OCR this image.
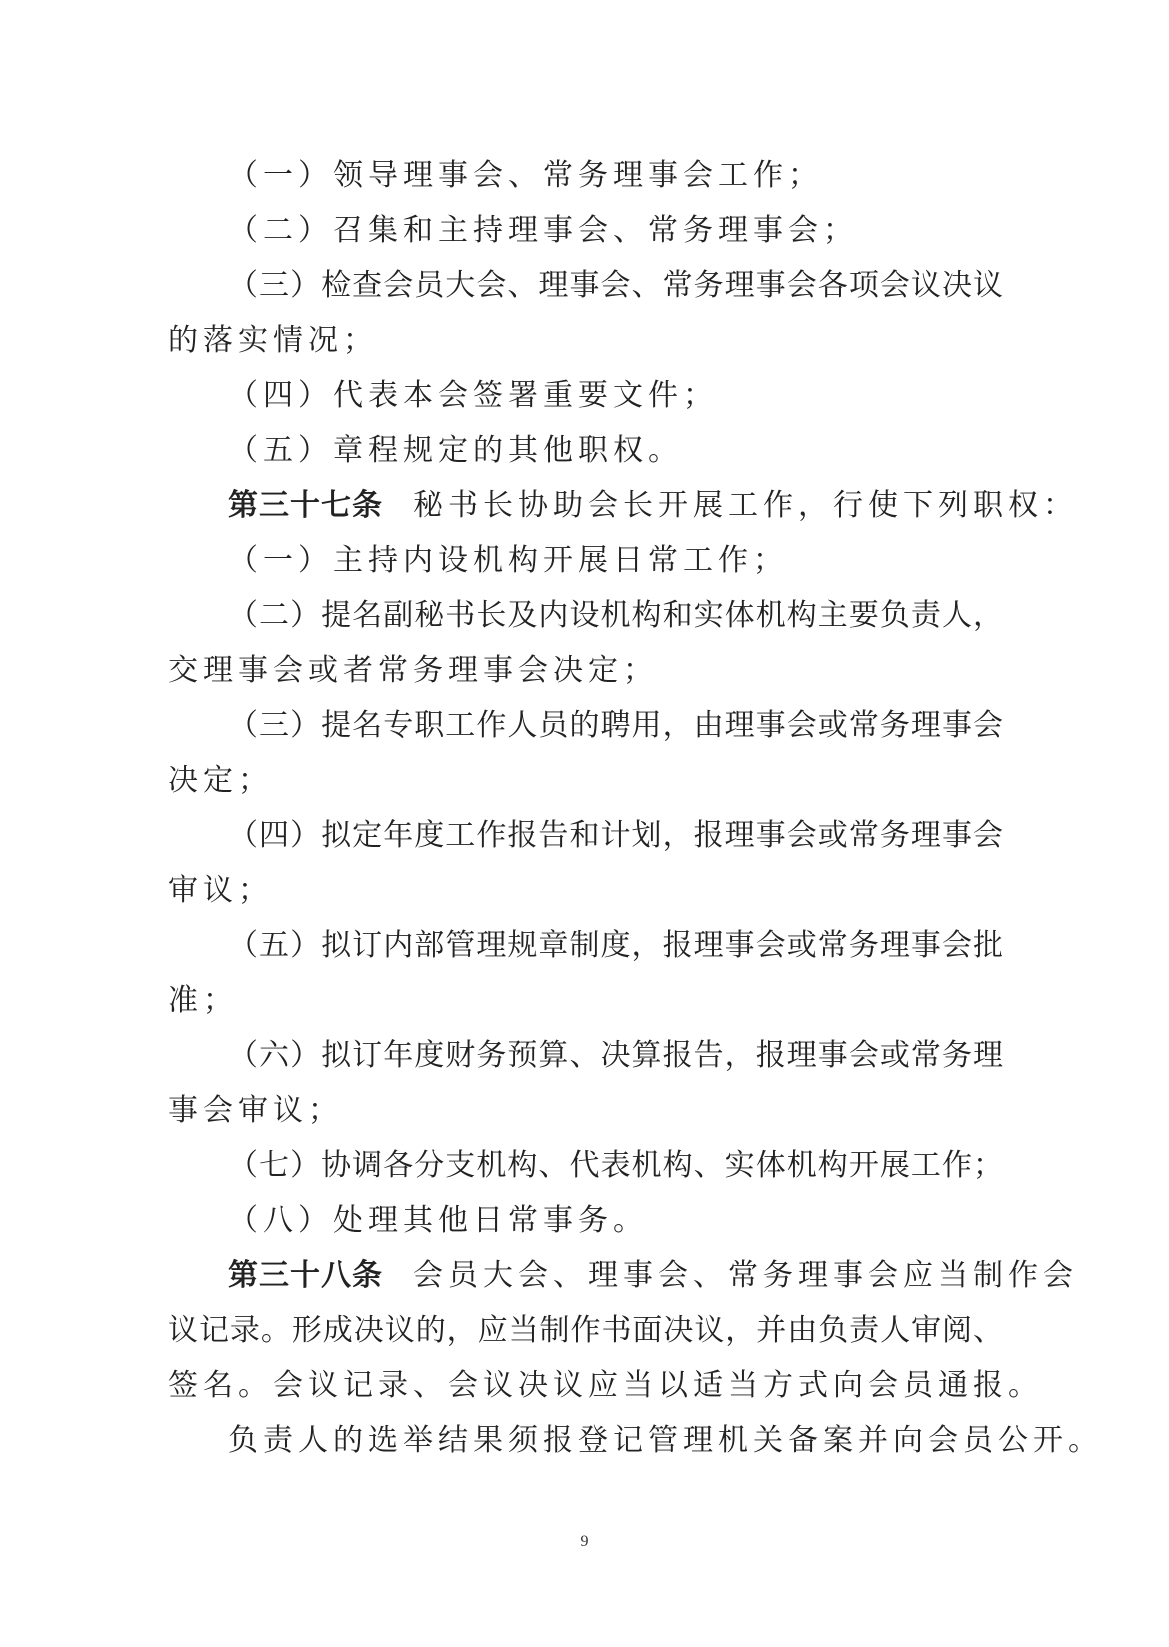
（一）领导理事会、常务理事会工作；
（二）召集和主持理事会、常务理事会；
（三）检查会员大会、理事会、常务理事会各项会议决议
的落实情况；
（四）代表本会签署重要文件；
（五）章程规定的其他职权。
第三十七条 秘书长协助会长开展工作，行使下列职权：
（一）主持内设机构开展日常工作；
（二）提名副秘书长及内设机构和实体机构主要负责人，
交理事会或者常务理事会决定；
（三）提名专职工作人员的聘用，由理事会或常务理事会
决定；
（四）拟定年度工作报告和计划，报理事会或常务理事会
审议；
（五）拟订内部管理规章制度，报理事会或常务理事会批
准；
（六）拟订年度财务预算、决算报告，报理事会或常务理
事会审议；
（七）协调各分支机构、代表机构、实体机构开展工作；
（八）处理其他日常事务。
第三十八条 会员大会、理事会、常务理事会应当制作会
议记录。形成决议的，应当制作书面决议，并由负责人审阅、
签名。会议记录、会议决议应当以适当方式向会员通报。
负责人的选举结果须报登记管理机关备案并向会员公开。
9
